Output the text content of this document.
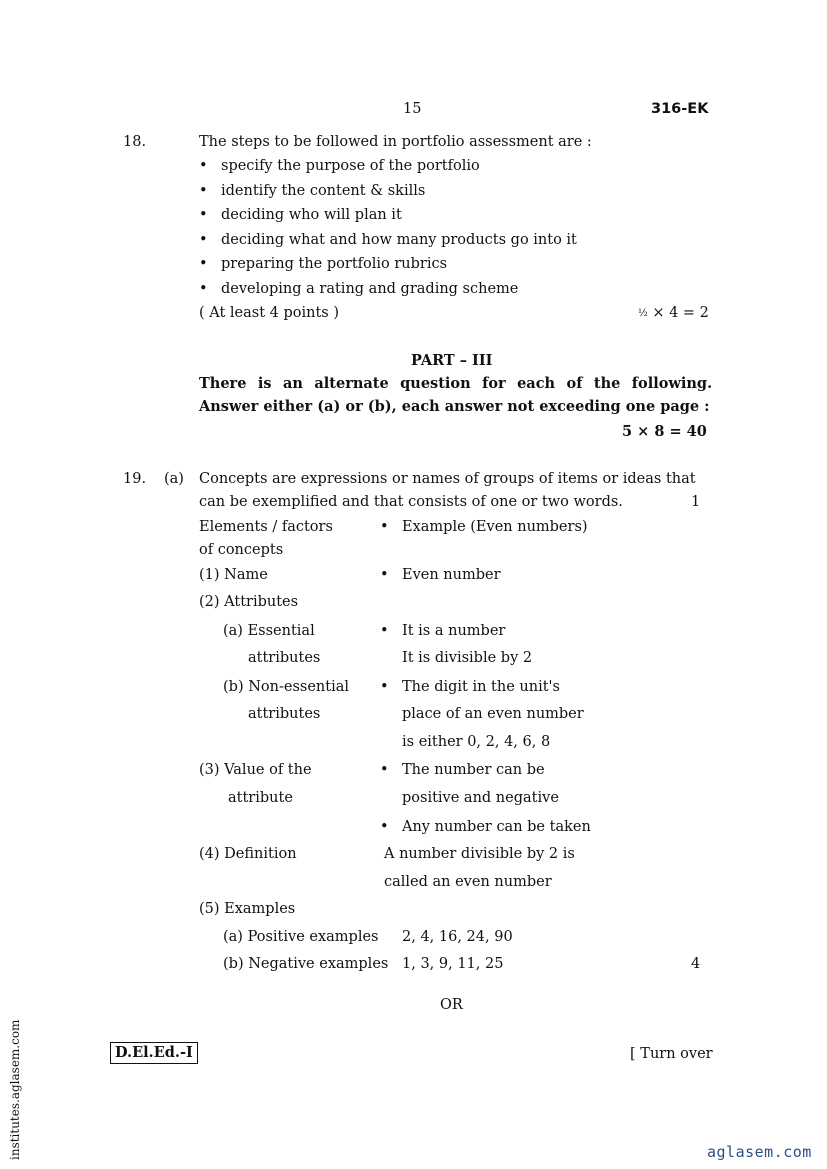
15	316-EK
18.	The steps to be followed in portfolio assessment are :
• specify the purpose of the portfolio
• identify the content & skills
• deciding who will plan it
• deciding what and how many products go into it
• preparing the portfolio rubrics
• developing a rating and grading scheme
( At least 4 points )	½ × 4 = 2
PART – III
There is an alternate question for each of the following.
Answer either (a) or (b), each answer not exceeding one page :
5 × 8 = 40
19. (a) Concepts are expressions or names of groups of items or ideas that
can be exemplified and that consists of one or two words.	1
Elements / factors
of concepts
• Example (Even numbers)
(1) Name
•	Even number
(2) Attributes
(a) Essential
attributes
• It is a number
It is divisible by 2
(b) Non-essential
attributes
• The digit in the unit's
place of an even number
is either 0, 2, 4, 6, 8
(3) Value of the
attribute
• The number can be
positive and negative
• Any number can be taken
(4) Definition	A number divisible by 2 is
called an even number
(5) Examples
(a) Positive examples 2, 4, 16, 24, 90
(b) Negative examples 1, 3, 9, 11, 25	4
OR
D.El.Ed.-I	[ Turn over
institutes.aglasem.com	aglasem.com
